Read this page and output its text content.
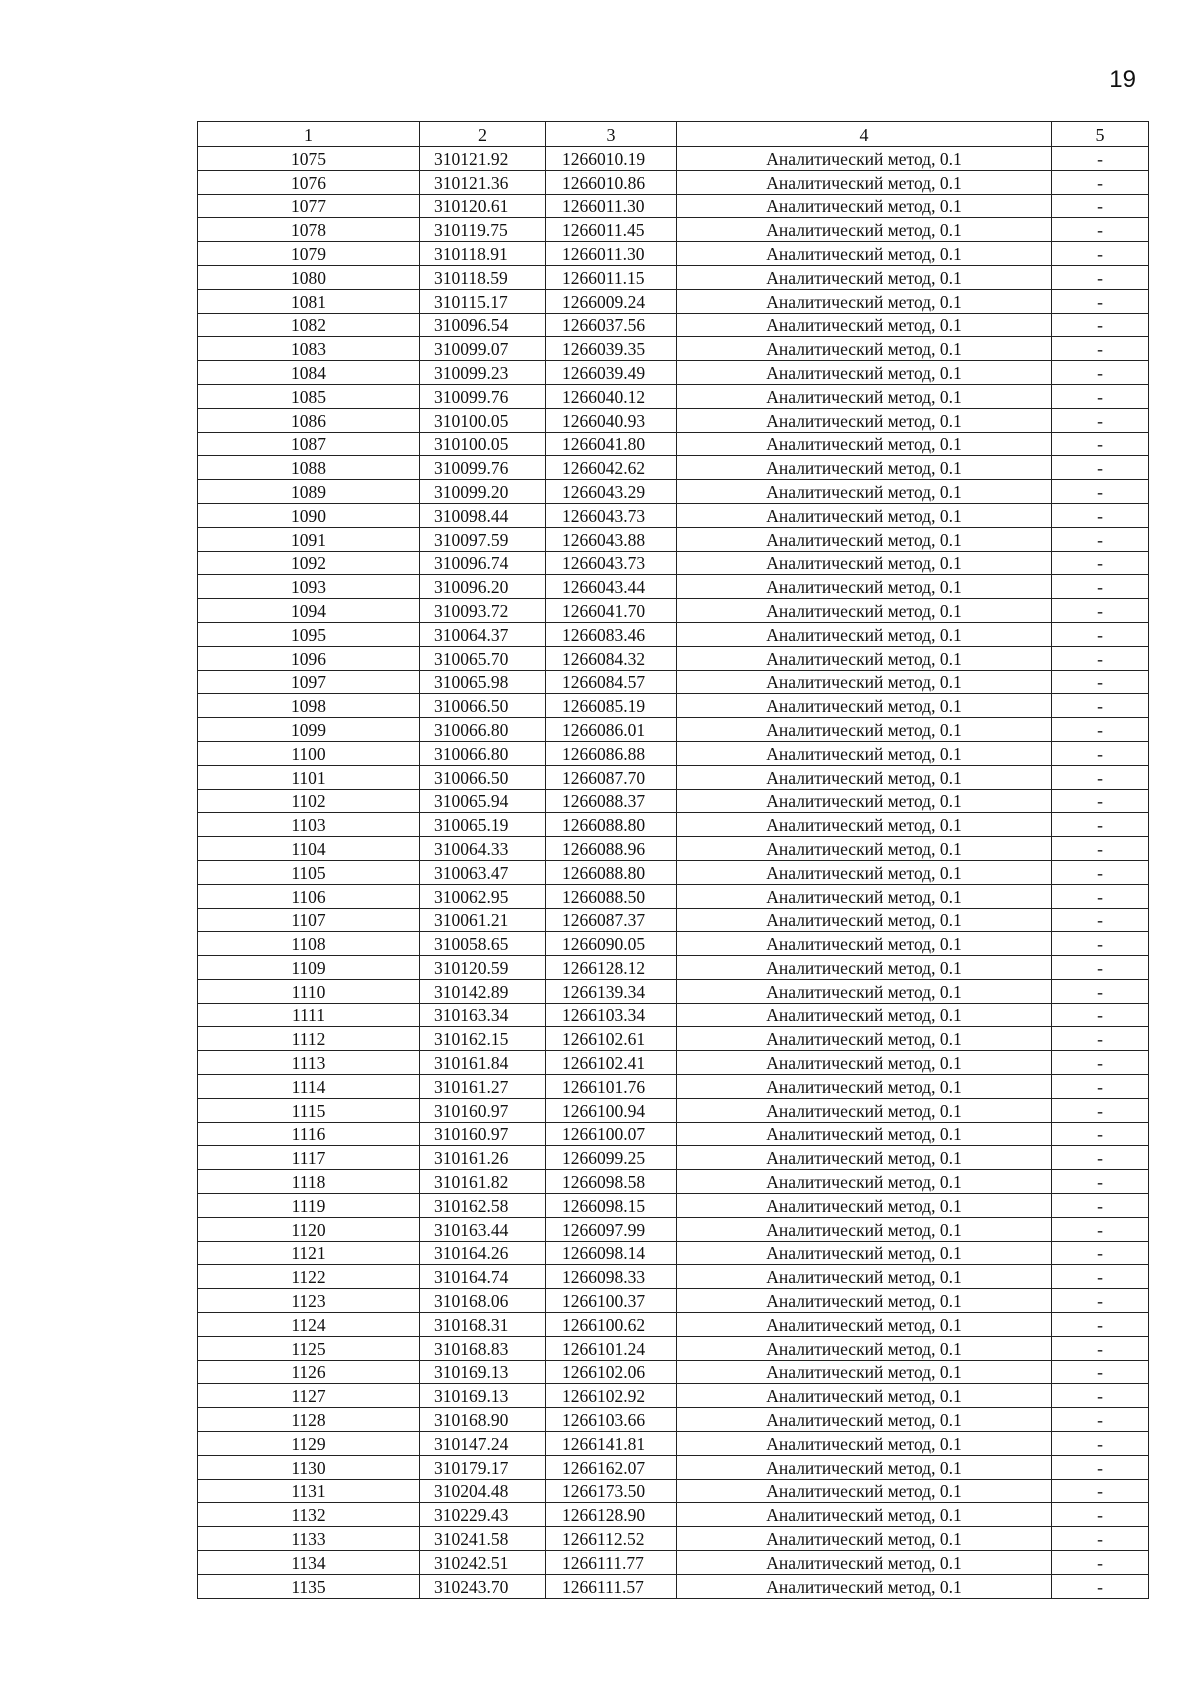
19
1	2	3	4	5
1075	310121.92	1266010.19	Аналитический метод, 0.1	-
1076	310121.36	1266010.86	Аналитический метод, 0.1	-
1077	310120.61	1266011.30	Аналитический метод, 0.1	-
1078	310119.75	1266011.45	Аналитический метод, 0.1	-
1079	310118.91	1266011.30	Аналитический метод, 0.1	-
1080	310118.59	1266011.15	Аналитический метод, 0.1	-
1081	310115.17	1266009.24	Аналитический метод, 0.1	-
1082	310096.54	1266037.56	Аналитический метод, 0.1	-
1083	310099.07	1266039.35	Аналитический метод, 0.1	-
1084	310099.23	1266039.49	Аналитический метод, 0.1	-
1085	310099.76	1266040.12	Аналитический метод, 0.1	-
1086	310100.05	1266040.93	Аналитический метод, 0.1	-
1087	310100.05	1266041.80	Аналитический метод, 0.1	-
1088	310099.76	1266042.62	Аналитический метод, 0.1	-
1089	310099.20	1266043.29	Аналитический метод, 0.1	-
1090	310098.44	1266043.73	Аналитический метод, 0.1	-
1091	310097.59	1266043.88	Аналитический метод, 0.1	-
1092	310096.74	1266043.73	Аналитический метод, 0.1	-
1093	310096.20	1266043.44	Аналитический метод, 0.1	-
1094	310093.72	1266041.70	Аналитический метод, 0.1	-
1095	310064.37	1266083.46	Аналитический метод, 0.1	-
1096	310065.70	1266084.32	Аналитический метод, 0.1	-
1097	310065.98	1266084.57	Аналитический метод, 0.1	-
1098	310066.50	1266085.19	Аналитический метод, 0.1	-
1099	310066.80	1266086.01	Аналитический метод, 0.1	-
1100	310066.80	1266086.88	Аналитический метод, 0.1	-
1101	310066.50	1266087.70	Аналитический метод, 0.1	-
1102	310065.94	1266088.37	Аналитический метод, 0.1	-
1103	310065.19	1266088.80	Аналитический метод, 0.1	-
1104	310064.33	1266088.96	Аналитический метод, 0.1	-
1105	310063.47	1266088.80	Аналитический метод, 0.1	-
1106	310062.95	1266088.50	Аналитический метод, 0.1	-
1107	310061.21	1266087.37	Аналитический метод, 0.1	-
1108	310058.65	1266090.05	Аналитический метод, 0.1	-
1109	310120.59	1266128.12	Аналитический метод, 0.1	-
1110	310142.89	1266139.34	Аналитический метод, 0.1	-
1111	310163.34	1266103.34	Аналитический метод, 0.1	-
1112	310162.15	1266102.61	Аналитический метод, 0.1	-
1113	310161.84	1266102.41	Аналитический метод, 0.1	-
1114	310161.27	1266101.76	Аналитический метод, 0.1	-
1115	310160.97	1266100.94	Аналитический метод, 0.1	-
1116	310160.97	1266100.07	Аналитический метод, 0.1	-
1117	310161.26	1266099.25	Аналитический метод, 0.1	-
1118	310161.82	1266098.58	Аналитический метод, 0.1	-
1119	310162.58	1266098.15	Аналитический метод, 0.1	-
1120	310163.44	1266097.99	Аналитический метод, 0.1	-
1121	310164.26	1266098.14	Аналитический метод, 0.1	-
1122	310164.74	1266098.33	Аналитический метод, 0.1	-
1123	310168.06	1266100.37	Аналитический метод, 0.1	-
1124	310168.31	1266100.62	Аналитический метод, 0.1	-
1125	310168.83	1266101.24	Аналитический метод, 0.1	-
1126	310169.13	1266102.06	Аналитический метод, 0.1	-
1127	310169.13	1266102.92	Аналитический метод, 0.1	-
1128	310168.90	1266103.66	Аналитический метод, 0.1	-
1129	310147.24	1266141.81	Аналитический метод, 0.1	-
1130	310179.17	1266162.07	Аналитический метод, 0.1	-
1131	310204.48	1266173.50	Аналитический метод, 0.1	-
1132	310229.43	1266128.90	Аналитический метод, 0.1	-
1133	310241.58	1266112.52	Аналитический метод, 0.1	-
1134	310242.51	1266111.77	Аналитический метод, 0.1	-
1135	310243.70	1266111.57	Аналитический метод, 0.1	-
